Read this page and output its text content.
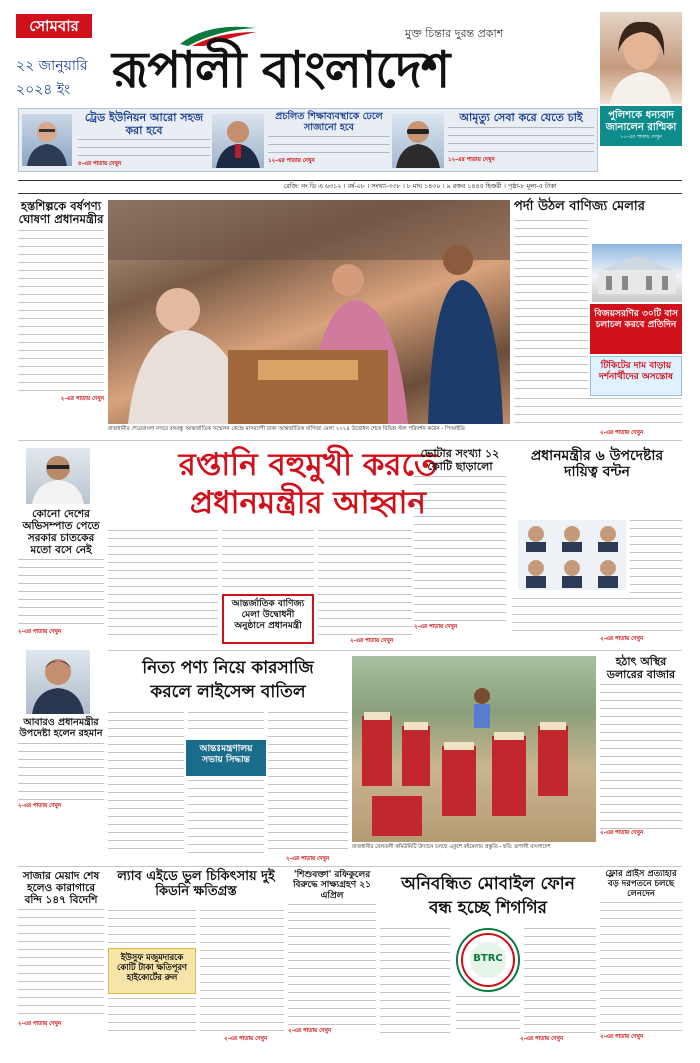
সোমবার
২২ জানুয়ারি
২০২৪ ইং
মুক্ত চিন্তার দুরন্ত প্রকাশ
রূপালী বাংলাদেশ
পুলিশকে ধন্যবাদ জানালেন রাশ্মিকা
১০-এর পাতায় দেখুন
ট্রেড ইউনিয়ন আরো সহজ করা হবে
৫-এর পাতায় দেখুন
প্রচলিত শিক্ষাব্যবস্থাকে ঢেলে সাজানো হবে
১২-এর পাতায় দেখুন
আমৃত্যু সেবা করে যেতে চাই
১২-এর পাতায় দেখুন
রেজি: নং ডি এ ৬৩১২ । বর্ষ-০৮ । সংখ্যা-৩৩৮ । ৮ মাঘ ১৪৩০ । ৯ রজব ১৪৪৫ হিজরী । পৃষ্ঠা-৮ মূল্য-৫ টাকা
হস্তশিল্পকে বর্ষপণ্য ঘোষণা প্রধানমন্ত্রীর
২-এর পাতায় দেখুন
রাজধানীর শেরেবাংলা নগরে বঙ্গবন্ধু আন্তর্জাতিক সম্মেলন কেন্দ্রে মাসব্যাপী ঢাকা আন্তর্জাতিক বাণিজ্য মেলা ২০২৪ উদ্বোধন শেষে বিভিন্ন স্টল পরিদর্শন করেন - পিআইডি
পর্দা উঠল বাণিজ্য মেলার
বিজয়সরণির ৩০টি বাস চলাচল করবে প্রতিদিন
টিকিটের দাম বাড়ায় দর্শনার্থীদের অসন্তোষ
২-এর পাতায় দেখুন
কোনো দেশের অভিসম্পাত পেতে সরকার চাতকের মতো বসে নেই
২-এর পাতায় দেখুন
রপ্তানি বহুমুখী করতে
প্রধানমন্ত্রীর আহ্বান
আন্তর্জাতিক বাণিজ্য মেলা উদ্বোধনী অনুষ্ঠানে প্রধানমন্ত্রী
২-এর পাতায় দেখুন
ভোটার সংখ্যা ১২ কোটি ছাড়ালো
২-এর পাতায় দেখুন
প্রধানমন্ত্রীর ৬ উপদেষ্টার দায়িত্ব বন্টন
২-এর পাতায় দেখুন
আবারও প্রধানমন্ত্রীর উপদেষ্টা হলেন রহমান
২-এর পাতায় দেখুন
নিত্য পণ্য নিয়ে কারসাজি
করলে লাইসেন্স বাতিল
আন্তঃমন্ত্রণালয় সভায় সিদ্ধান্ত
২-এর পাতায় দেখুন
রাজধানীর বেলতলী কমিউনিটি উদ্যানে চলছে একুশে বইমেলার প্রস্তুতি - ছবি: রূপালী বাংলাদেশ
হঠাৎ অস্থির ডলারের বাজার
২-এর পাতায় দেখুন
সাজার মেয়াদ শেষ হলেও কারাগারে বন্দি ১৪৭ বিদেশি
২-এর পাতায় দেখুন
ল্যাব এইডে ভুল চিকিৎসায় দুই কিডনি ক্ষতিগ্রস্ত
ইউসুফ মজুমদারকে কোটি টাকা ক্ষতিপূরণ হাইকোর্টের রুল
২-এর পাতায় দেখুন
'শিশুবক্তা' রফিকুলের বিরুদ্ধে সাক্ষ্যগ্রহণ ২১ এপ্রিল
২-এর পাতায় দেখুন
অনিবন্ধিত মোবাইল ফোন
বন্ধ হচ্ছে শিগগির
BTRC
২-এর পাতায় দেখুন
ফ্লোর প্রাইস প্রত্যাহার বড় দরপতনে চলছে লেনদেন
২-এর পাতায় দেখুন
